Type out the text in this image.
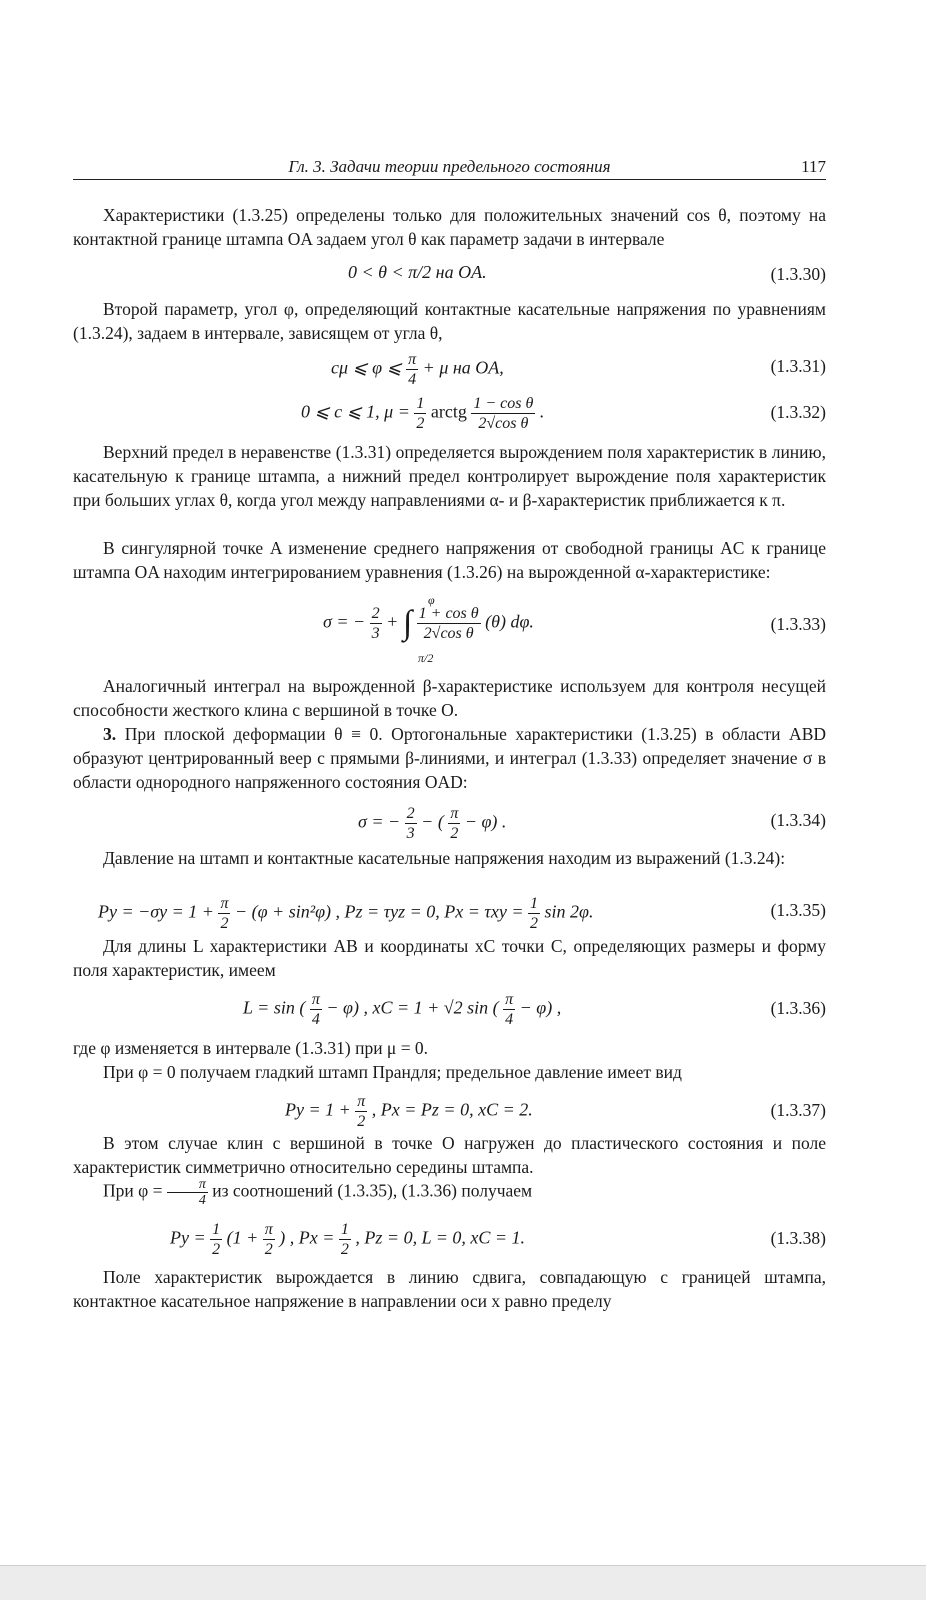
Гл. 3. Задачи теории предельного состояния	117
Характеристики (1.3.25) определены только для положительных значений cos θ, поэтому на контактной границе штампа OA задаем угол θ как параметр задачи в интервале
0 < θ < π/2 на OA.	(1.3.30)
Второй параметр, угол φ, определяющий контактные касательные напряжения по уравнениям (1.3.24), задаем в интервале, зависящем от угла θ,
cμ ⩽ φ ⩽ $\frac{\pi}{4} + \mu$ на OA,	(1.3.31)
0 ⩽ c ⩽ 1, $\mu = \frac{1}{2}$ arctg $\frac{\text{1 − cos θ}}{\text{2√cos θ}}$ .	(1.3.32)
Верхний предел в неравенстве (1.3.31) определяется вырождением поля характеристик в линию, касательную к границе штампа, а нижний предел контролирует вырождение поля характеристик при больших углах θ, когда угол между направлениями α- и β-характеристик приближается к π.
В сингулярной точке A изменение среднего напряжения от свободной границы AC к границе штампа OA находим интегрированием уравнения (1.3.26) на вырожденной α-характеристике:
σ = − $\frac{2}{3}$ + ∫ $\frac{\text{1 + cos θ}}{\text{2√cos θ}} (\theta)$ dφ.
φ
π/2
(1.3.33)
Аналогичный интеграл на вырожденной β-характеристике используем для контроля несущей способности жесткого клина с вершиной в точке O.
3. При плоской деформации θ ≡ 0. Ортогональные характеристики (1.3.25) в области ABD образуют центрированный веер с прямыми β-линиями, и интеграл (1.3.33) определяет значение σ в области однородного напряженного состояния OAD:
σ = − $\frac{2}{3}$ − ( $\frac{\pi}{2} - \varphi$) .	(1.3.34)
Давление на штамп и контактные касательные напряжения находим из выражений (1.3.24):
$Py = -\sigma y = 1 + \frac{\pi}{2} - (\varphi + \sin^2\varphi)$ , Pz = τyz = 0, $Px = \tau xy = \frac{1}{2}$ sin 2φ.	(1.3.35)
Для длины L характеристики AB и координаты xC точки C, определяющих размеры и форму поля характеристик, имеем
L = sin ( $\frac{\pi}{4} - \varphi$) , xC = 1 + √2 sin ( $\frac{\pi}{4} - \varphi$) ,	(1.3.36)
где φ изменяется в интервале (1.3.31) при μ = 0.
При φ = 0 получаем гладкий штамп Прандля; предельное давление имеет вид
$Py = 1 + \frac{\pi}{2}$ , Px = Pz = 0, xC = 2.	(1.3.37)
В этом случае клин с вершиной в точке O нагружен до пластического состояния и поле характеристик симметрично относительно середины штампа.
При $\varphi = \frac{\pi}{4}$ из соотношений (1.3.35), (1.3.36) получаем
$Py = \frac{1}{2} (1 + \frac{\pi}{2}$ ) , $Px = \frac{1}{2}$ , Pz = 0, L = 0, xC = 1.	(1.3.38)
Поле характеристик вырождается в линию сдвига, совпадающую с границей штампа, контактное касательное напряжение в направлении оси x равно пределу
